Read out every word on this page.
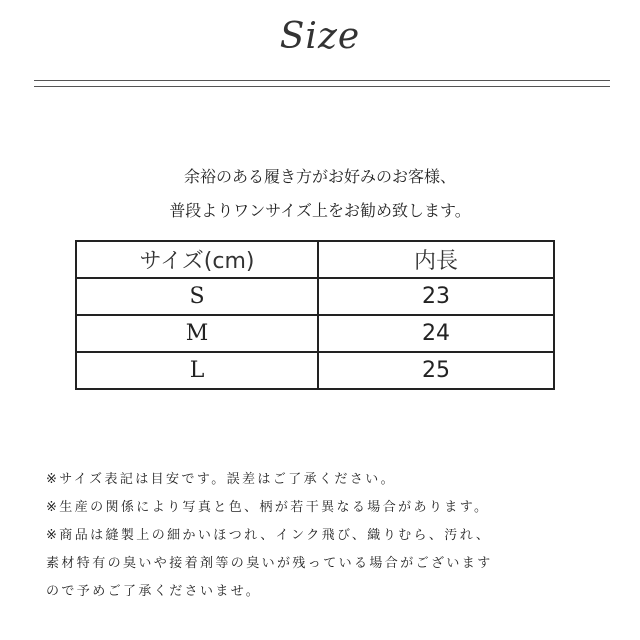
Size
余裕のある履き方がお好みのお客様、
普段よりワンサイズ上をお勧め致します。
サイズ(cm)	内長
S	23
M	24
L	25
※サイズ表記は目安です。誤差はご了承ください。
※生産の関係により写真と色、柄が若干異なる場合があります。
※商品は縫製上の細かいほつれ、インク飛び、織りむら、汚れ、
素材特有の臭いや接着剤等の臭いが残っている場合がございます
ので予めご了承くださいませ。
